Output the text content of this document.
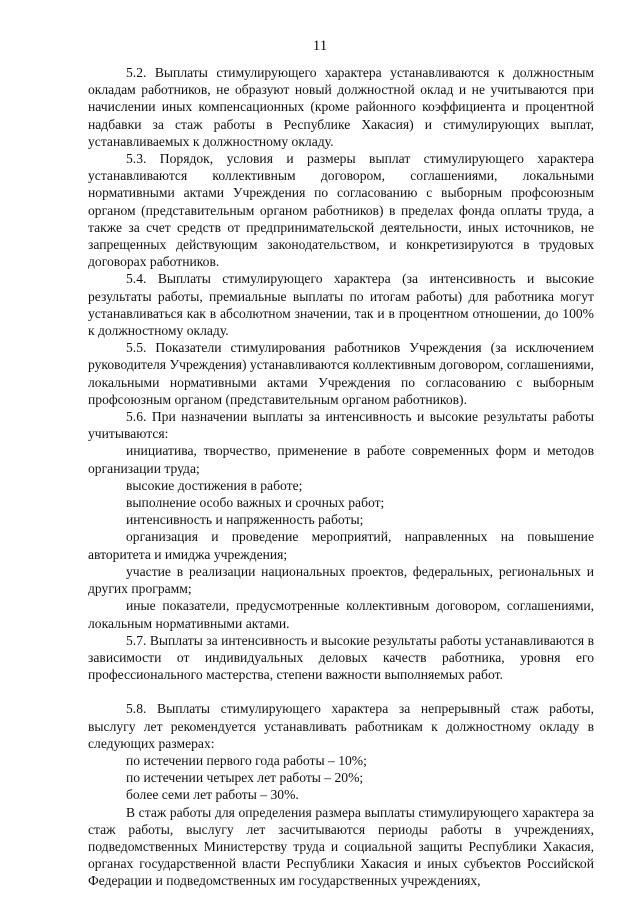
11

5.2. Выплаты стимулирующего характера устанавливаются к должностным окладам работников, не образуют новый должностной оклад и не учитываются при начислении иных компенсационных (кроме районного коэффициента и процентной надбавки за стаж работы в Республике Хакасия) и стимулирующих выплат, устанавливаемых к должностному окладу.

5.3. Порядок, условия и размеры выплат стимулирующего характера устанавливаются коллективным договором, соглашениями, локальными нормативными актами Учреждения по согласованию с выборным профсоюзным органом (представительным органом работников) в пределах фонда оплаты труда, а также за счет средств от предпринимательской деятельности, иных источников, не запрещенных действующим законодательством, и конкретизируются в трудовых договорах работников.

5.4. Выплаты стимулирующего характера (за интенсивность и высокие результаты работы, премиальные выплаты по итогам работы) для работника могут устанавливаться как в абсолютном значении, так и в процентном отношении, до 100% к должностному окладу.

5.5. Показатели стимулирования работников Учреждения (за исключением руководителя Учреждения) устанавливаются коллективным договором, соглашениями, локальными нормативными актами Учреждения по согласованию с выборным профсоюзным органом (представительным органом работников).

5.6. При назначении выплаты за интенсивность и высокие результаты работы учитываются:

инициатива, творчество, применение в работе современных форм и методов организации труда;

высокие достижения в работе;

выполнение особо важных и срочных работ;

интенсивность и напряженность работы;

организация и проведение мероприятий, направленных на повышение авторитета и имиджа учреждения;

участие в реализации национальных проектов, федеральных, региональных и других программ;

иные показатели, предусмотренные коллективным договором, соглашениями, локальным нормативными актами.

5.7. Выплаты за интенсивность и высокие результаты работы устанавливаются в зависимости от индивидуальных деловых качеств работника, уровня его профессионального мастерства, степени важности выполняемых работ.

5.8. Выплаты стимулирующего характера за непрерывный стаж работы, выслугу лет рекомендуется устанавливать работникам к должностному окладу в следующих размерах:

по истечении первого года работы – 10%;

по истечении четырех лет работы – 20%;

более семи лет работы – 30%.

В стаж работы для определения размера выплаты стимулирующего характера за стаж работы, выслугу лет засчитываются периоды работы в учреждениях, подведомственных Министерству труда и социальной защиты Республики Хакасия, органах государственной власти Республики Хакасия и иных субъектов Российской Федерации и подведомственных им государственных учреждениях,
